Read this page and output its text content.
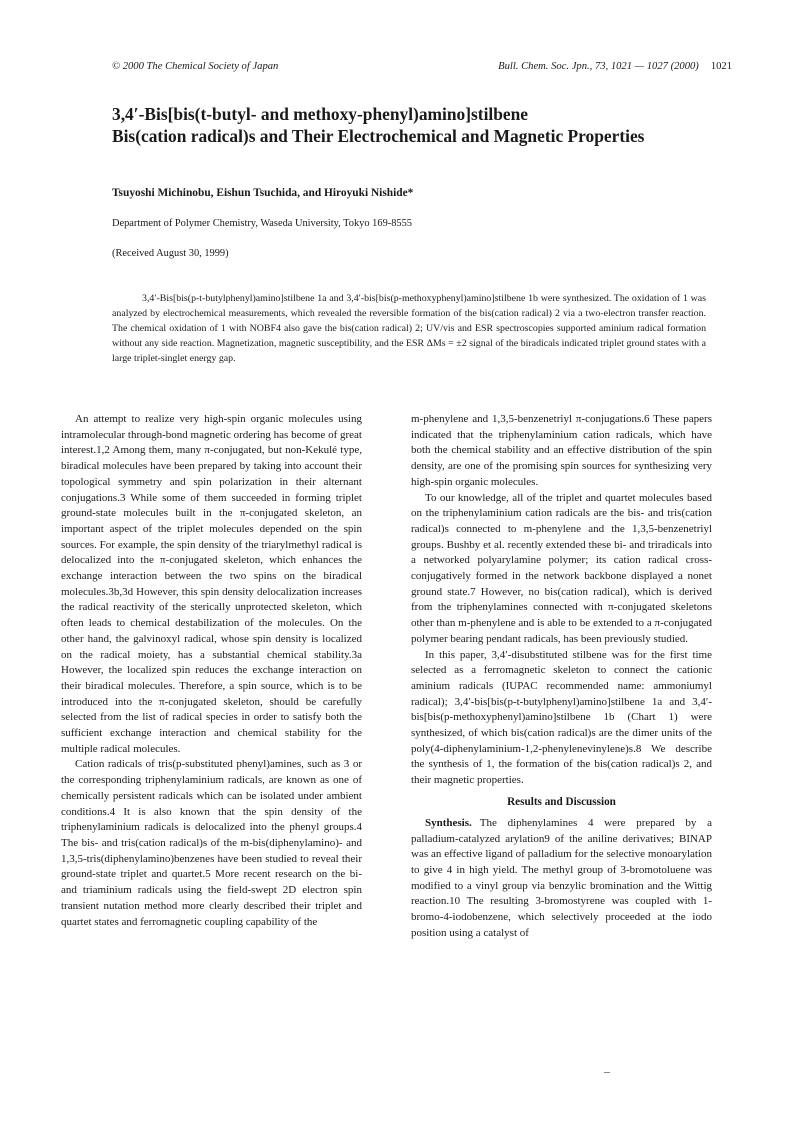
© 2000 The Chemical Society of Japan	Bull. Chem. Soc. Jpn., 73, 1021 — 1027 (2000) 1021
3,4′-Bis[bis(t-butyl- and methoxy-phenyl)amino]stilbene
Bis(cation radical)s and Their Electrochemical and Magnetic Properties
Tsuyoshi Michinobu, Eishun Tsuchida, and Hiroyuki Nishide*
Department of Polymer Chemistry, Waseda University, Tokyo 169-8555
(Received August 30, 1999)

3,4′-Bis[bis(p-t-butylphenyl)amino]stilbene 1a and 3,4′-bis[bis(p-methoxyphenyl)amino]stilbene 1b were synthesized. The oxidation of 1 was analyzed by electrochemical measurements, which revealed the reversible formation of the bis(cation radical) 2 via a two-electron transfer reaction. The chemical oxidation of 1 with NOBF4 also gave the bis(cation radical) 2; UV/vis and ESR spectroscopies supported aminium radical formation without any side reaction. Magnetization, magnetic susceptibility, and the ESR ΔMs = ±2 signal of the biradicals indicated triplet ground states with a large triplet-singlet energy gap.

An attempt to realize very high-spin organic molecules using intramolecular through-bond magnetic ordering has become of great interest.1,2 Among them, many π-conjugated, but non-Kekulé type, biradical molecules have been prepared by taking into account their topological symmetry and spin polarization in their alternant conjugations.3 While some of them succeeded in forming triplet ground-state molecules built in the π-conjugated skeleton, an important aspect of the triplet molecules depended on the spin sources. For example, the spin density of the triarylmethyl radical is delocalized into the π-conjugated skeleton, which enhances the exchange interaction between the two spins on the biradical molecules.3b,3d However, this spin density delocalization increases the radical reactivity of the sterically unprotected skeleton, which often leads to chemical destabilization of the molecules. On the other hand, the galvinoxyl radical, whose spin density is localized on the radical moiety, has a substantial chemical stability.3a However, the localized spin reduces the exchange interaction on their biradical molecules. Therefore, a spin source, which is to be introduced into the π-conjugated skeleton, should be carefully selected from the list of radical species in order to satisfy both the sufficient exchange interaction and chemical stability for the multiple radical molecules.

Cation radicals of tris(p-substituted phenyl)amines, such as 3 or the corresponding triphenylaminium radicals, are known as one of chemically persistent radicals which can be isolated under ambient conditions.4 It is also known that the spin density of the triphenylaminium radicals is delocalized into the phenyl groups.4 The bis- and tris(cation radical)s of the m-bis(diphenylamino)- and 1,3,5-tris(diphenylamino)benzenes have been studied to reveal their ground-state triplet and quartet.5 More recent research on the bi- and triaminium radicals using the field-swept 2D electron spin transient nutation method more clearly described their triplet and quartet states and ferromagnetic coupling capability of the

m-phenylene and 1,3,5-benzenetriyl π-conjugations.6 These papers indicated that the triphenylaminium cation radicals, which have both the chemical stability and an effective distribution of the spin density, are one of the promising spin sources for synthesizing very high-spin organic molecules.

To our knowledge, all of the triplet and quartet molecules based on the triphenylaminium cation radicals are the bis- and tris(cation radical)s connected to m-phenylene and the 1,3,5-benzenetriyl groups. Bushby et al. recently extended these bi- and triradicals into a networked polyarylamine polymer; its cation radical cross-conjugatively formed in the network backbone displayed a nonet ground state.7 However, no bis(cation radical), which is derived from the triphenylamines connected with π-conjugated skeletons other than m-phenylene and is able to be extended to a π-conjugated polymer bearing pendant radicals, has been previously studied.

In this paper, 3,4′-disubstituted stilbene was for the first time selected as a ferromagnetic skeleton to connect the cationic aminium radicals (IUPAC recommended name: ammoniumyl radical); 3,4′-bis[bis(p-t-butylphenyl)amino]stilbene 1a and 3,4′-bis[bis(p-methoxyphenyl)amino]stilbene 1b (Chart 1) were synthesized, of which bis(cation radical)s are the dimer units of the poly(4-diphenylaminium-1,2-phenylenevinylene)s.8 We describe the synthesis of 1, the formation of the bis(cation radical)s 2, and their magnetic properties.

Results and Discussion

Synthesis. The diphenylamines 4 were prepared by a palladium-catalyzed arylation9 of the aniline derivatives; BINAP was an effective ligand of palladium for the selective monoarylation to give 4 in high yield. The methyl group of 3-bromotoluene was modified to a vinyl group via benzylic bromination and the Wittig reaction.10 The resulting 3-bromostyrene was coupled with 1-bromo-4-iodobenzene, which selectively proceeded at the iodo position using a catalyst of
